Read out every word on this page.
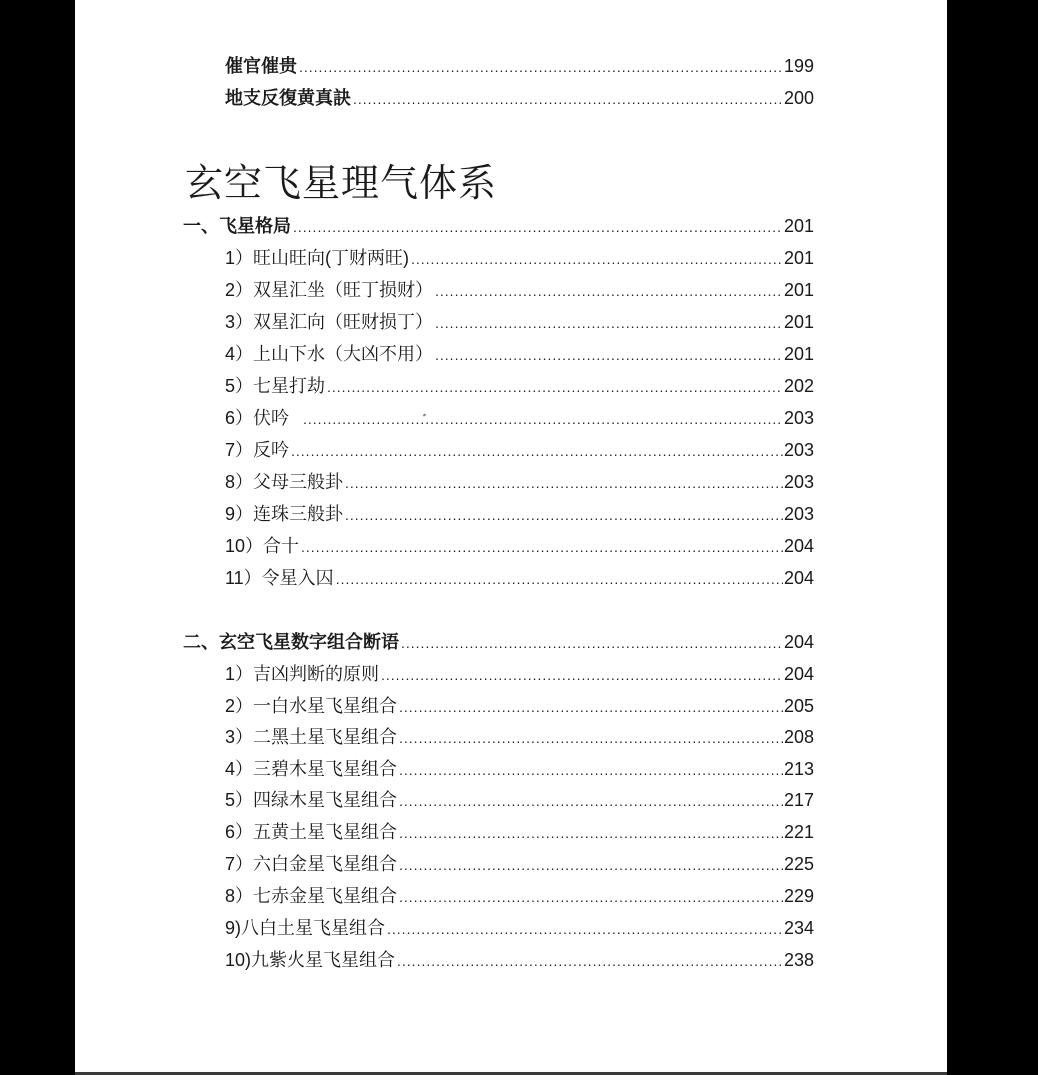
催官催贵 .....	199
地支反復黄真訣 .....	200
玄空飞星理气体系
一、飞星格局 .....	201
1）旺山旺向(丁财两旺) .....	201
2）双星汇坐（旺丁损财） .....	201
3）双星汇向（旺财损丁） .....	201
4）上山下水（大凶不用） .....	201
5）七星打劫 .....	202
6）伏吟 .....	203
7）反吟 .....	203
8）父母三般卦 .....	203
9）连珠三般卦 .....	203
10）合十 .....	204
11）令星入囚 .....	204
二、玄空飞星数字组合断语 .....	204
1）吉凶判断的原则 .....	204
2）一白水星飞星组合 .....	205
3）二黑土星飞星组合 .....	208
4）三碧木星飞星组合 .....	213
5）四绿木星飞星组合 .....	217
6）五黄土星飞星组合 .....	221
7）六白金星飞星组合 .....	225
8）七赤金星飞星组合 .....	229
9)八白土星飞星组合 .....	234
10)九紫火星飞星组合 .....	238
